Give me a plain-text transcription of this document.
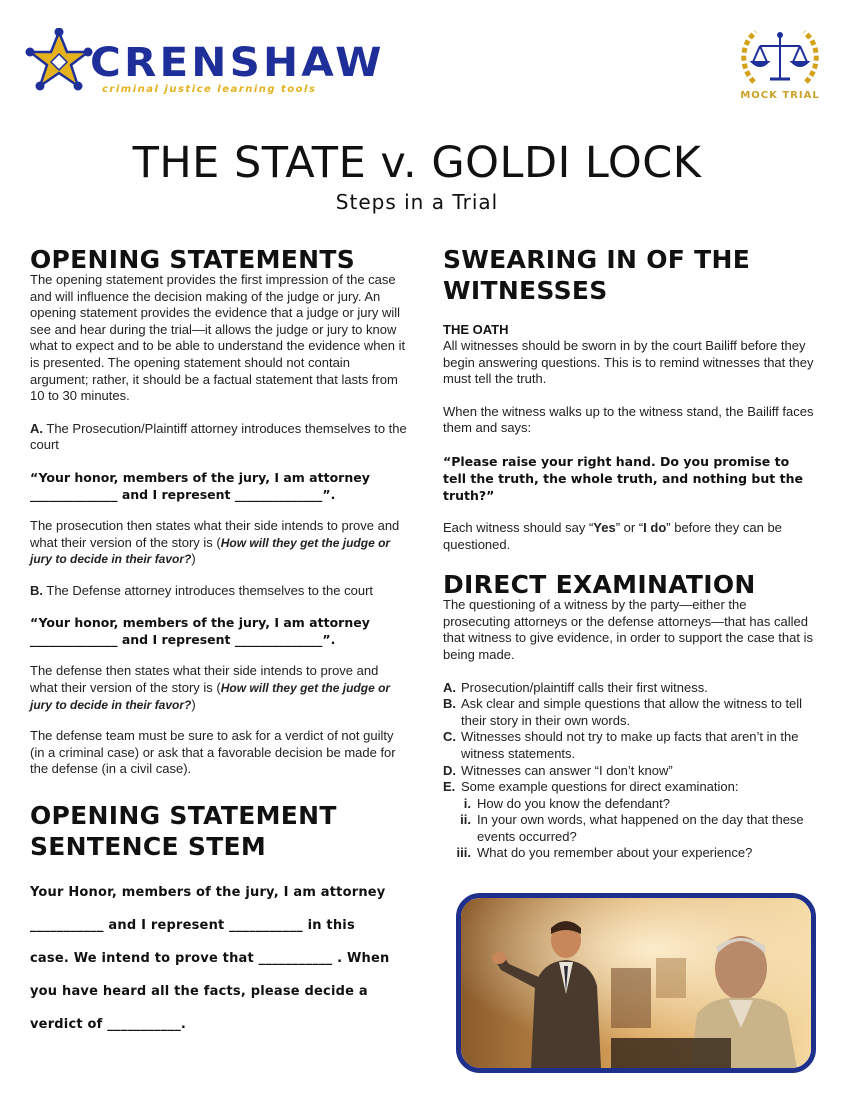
CRENSHAW
criminal justice learning tools
MOCK TRIAL
THE STATE v. GOLDI LOCK
Steps in a Trial
OPENING STATEMENTS

The opening statement provides the first impression of the case and will influence the decision making of the judge or jury. An opening statement provides the evidence that a judge or jury will see and hear during the trial—it allows the judge or jury to know what to expect and to be able to understand the evidence when it is presented. The opening statement should not contain argument; rather, it should be a factual statement that lasts from 10 to 30 minutes.

A. The Prosecution/Plaintiff attorney introduces themselves to the court

“Your honor, members of the jury, I am attorney ______________ and I represent ______________”.

The prosecution then states what their side intends to prove and what their version of the story is (How will they get the judge or jury to decide in their favor?)

B. The Defense attorney introduces themselves to the court

“Your honor, members of the jury, I am attorney ______________ and I represent ______________”.

The defense then states what their side intends to prove and what their version of the story is (How will they get the judge or jury to decide in their favor?)

The defense team must be sure to ask for a verdict of not guilty (in a criminal case) or ask that a favorable decision be made for the defense (in a civil case).

OPENING STATEMENT SENTENCE STEM
Your Honor, members of the jury, I am attorney ___________ and I represent ___________ in this case. We intend to prove that ___________ . When you have heard all the facts, please decide a verdict of ___________.
SWEARING IN OF THE WITNESSES
THE OATH

All witnesses should be sworn in by the court Bailiff before they begin answering questions. This is to remind witnesses that they must tell the truth.

When the witness walks up to the witness stand, the Bailiff faces them and says:

“Please raise your right hand. Do you promise to tell the truth, the whole truth, and nothing but the truth?”

Each witness should say “Yes” or “I do” before they can be questioned.

DIRECT EXAMINATION

The questioning of a witness by the party—either the prosecuting attorneys or the defense attorneys—that has called that witness to give evidence, in order to support the case that is being made.

A. Prosecution/plaintiff calls their first witness.
B. Ask clear and simple questions that allow the witness to tell their story in their own words.
C. Witnesses should not try to make up facts that aren’t in the witness statements.
D. Witnesses can answer “I don’t know”
E. Some example questions for direct examination:
i. How do you know the defendant?
ii. In your own words, what happened on the day that these events occurred?
iii. What do you remember about your experience?
